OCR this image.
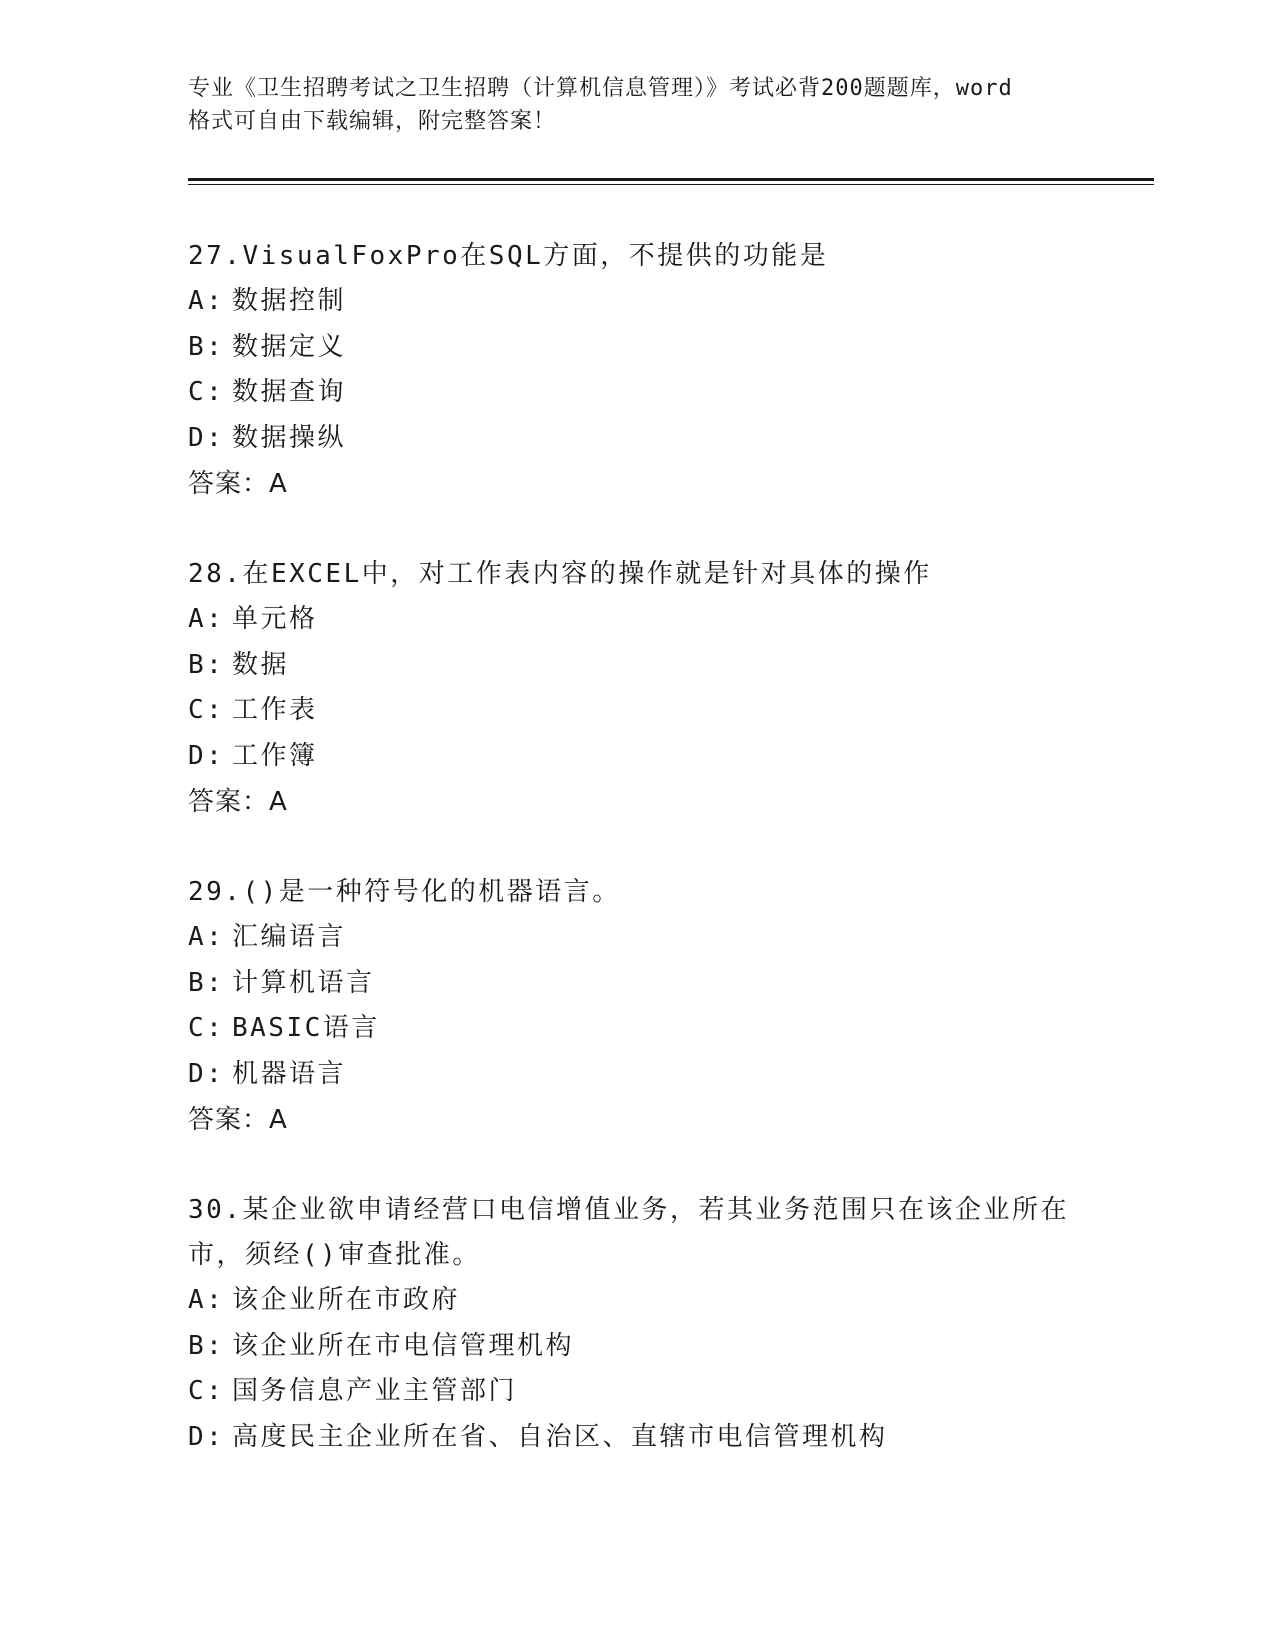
专业《卫生招聘考试之卫生招聘（计算机信息管理）》考试必背200题题库，word
格式可自由下载编辑，附完整答案！
27.VisualFoxPro在SQL方面，不提供的功能是
A: 数据控制
B: 数据定义
C: 数据查询
D: 数据操纵
答案：A
28.在EXCEL中，对工作表内容的操作就是针对具体的操作
A: 单元格
B: 数据
C: 工作表
D: 工作簿
答案：A
29.()是一种符号化的机器语言。
A: 汇编语言
B: 计算机语言
C: BASIC语言
D: 机器语言
答案：A
30.某企业欲申请经营口电信增值业务，若其业务范围只在该企业所在
市，须经()审查批准。
A: 该企业所在市政府
B: 该企业所在市电信管理机构
C: 国务信息产业主管部门
D: 高度民主企业所在省、自治区、直辖市电信管理机构
